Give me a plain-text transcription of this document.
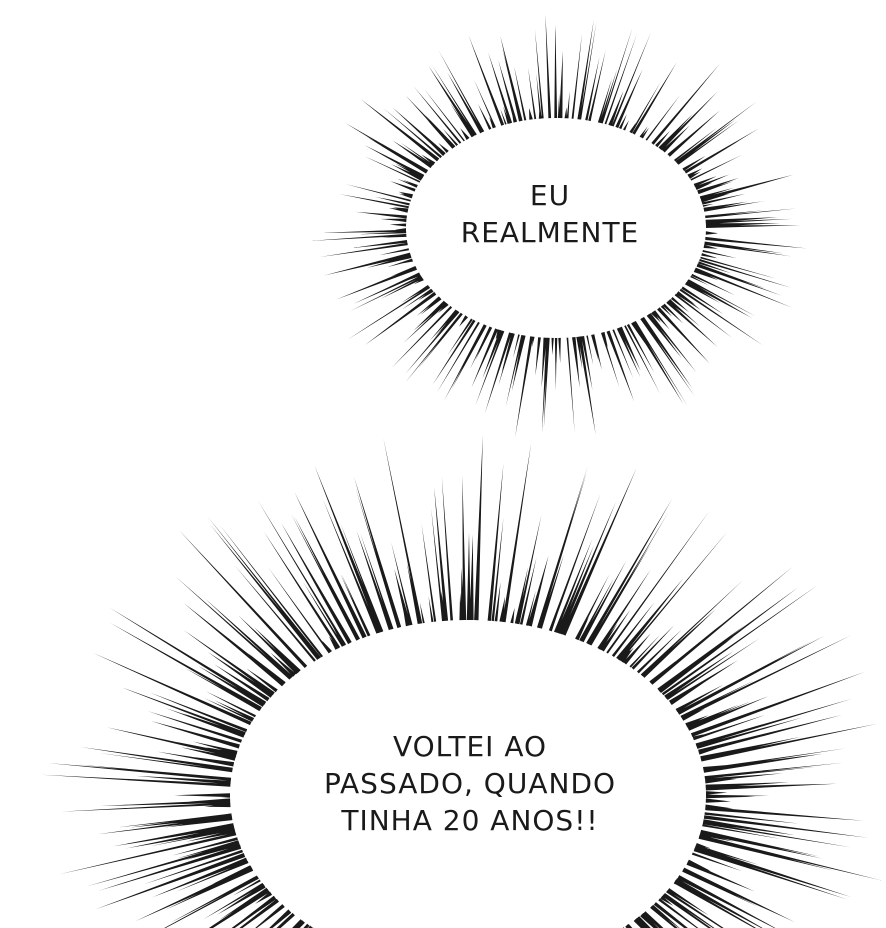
EU
REALMENTE
VOLTEI AO
PASSADO, QUANDO
TINHA 20 ANOS!!
